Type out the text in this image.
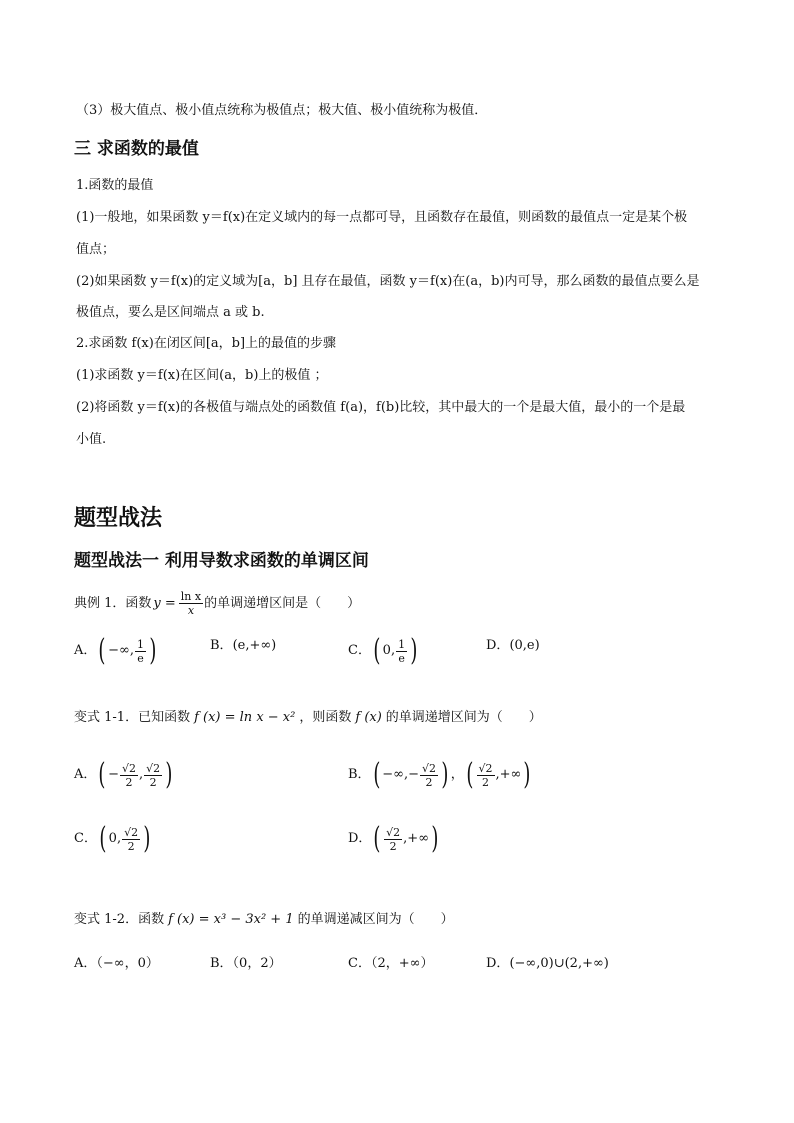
（3）极大值点、极小值点统称为极值点；极大值、极小值统称为极值．
三 求函数的最值
1.函数的最值
(1)一般地，如果函数 y＝f(x)在定义域内的每一点都可导，且函数存在最值，则函数的最值点一定是某个极
值点；
(2)如果函数 y＝f(x)的定义域为[a，b] 且存在最值，函数 y＝f(x)在(a，b)内可导，那么函数的最值点要么是
极值点，要么是区间端点 a 或 b.
2.求函数 f(x)在闭区间[a，b]上的最值的步骤
(1)求函数 y＝f(x)在区间(a，b)上的极值 ；
(2)将函数 y＝f(x)的各极值与端点处的函数值 f(a)，f(b)比较，其中最大的一个是最大值，最小的一个是最
小值.
题型战法
题型战法一 利用导数求函数的单调区间
典例 1．函数 $y = \frac{\text{ln x}}{x}$ 的单调递增区间是（　　）
A． ( −∞, $\frac{1}{e}$ )	B． (e,+∞)	C． ( 0, $\frac{1}{e}$ )	D． (0,e)
变式 1-1．已知函数 f (x) = ln x − x² ，则函数 f (x) 的单调递增区间为（　　）
A． ( − $\frac{√2}{2}$ , $\frac{√2}{2}$ )	B． ( −∞,− $\frac{√2}{2}$ ) ， ( $\frac{√2}{2}$ ,+∞ )
C． ( 0, $\frac{√2}{2}$ )	D． ( $\frac{√2}{2}$ ,+∞ )
变式 1-2．函数 f (x) = x³ − 3x² + 1 的单调递减区间为（　　）
A．（−∞，0）	B．（0，2）	C．（2，+∞）	D． (−∞,0)∪(2,+∞)
